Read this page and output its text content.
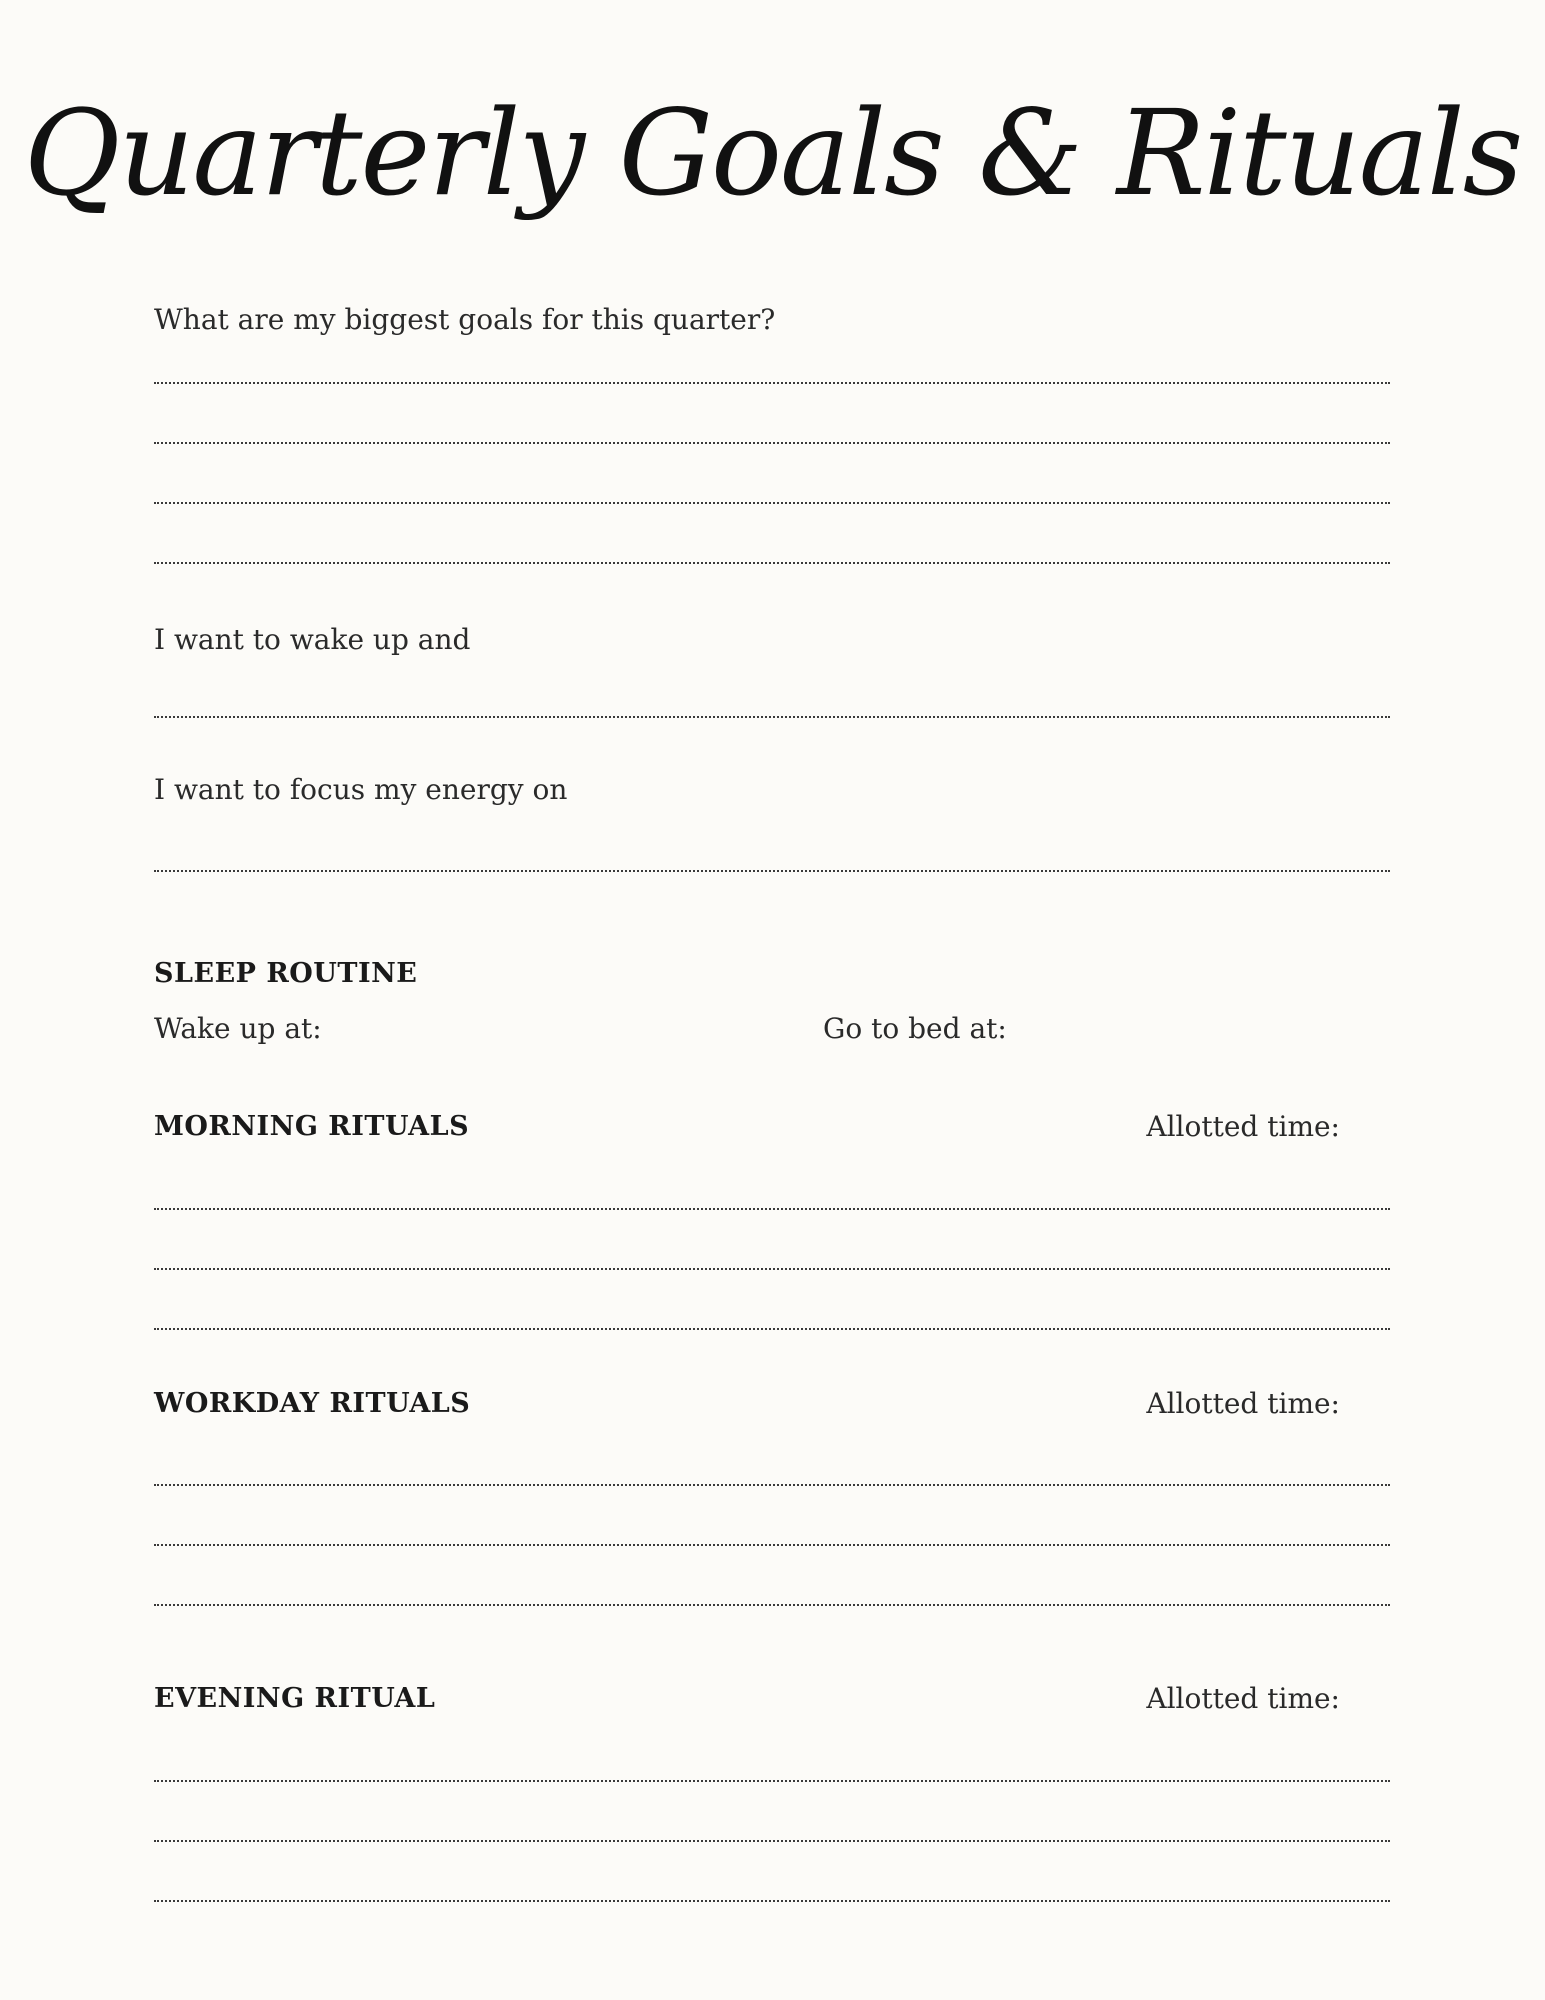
Quarterly Goals & Rituals
What are my biggest goals for this quarter?
I want to wake up and
I want to focus my energy on
SLEEP ROUTINE
Wake up at:	Go to bed at:
MORNING RITUALS	Allotted time:
WORKDAY RITUALS	Allotted time:
EVENING RITUAL	Allotted time:
